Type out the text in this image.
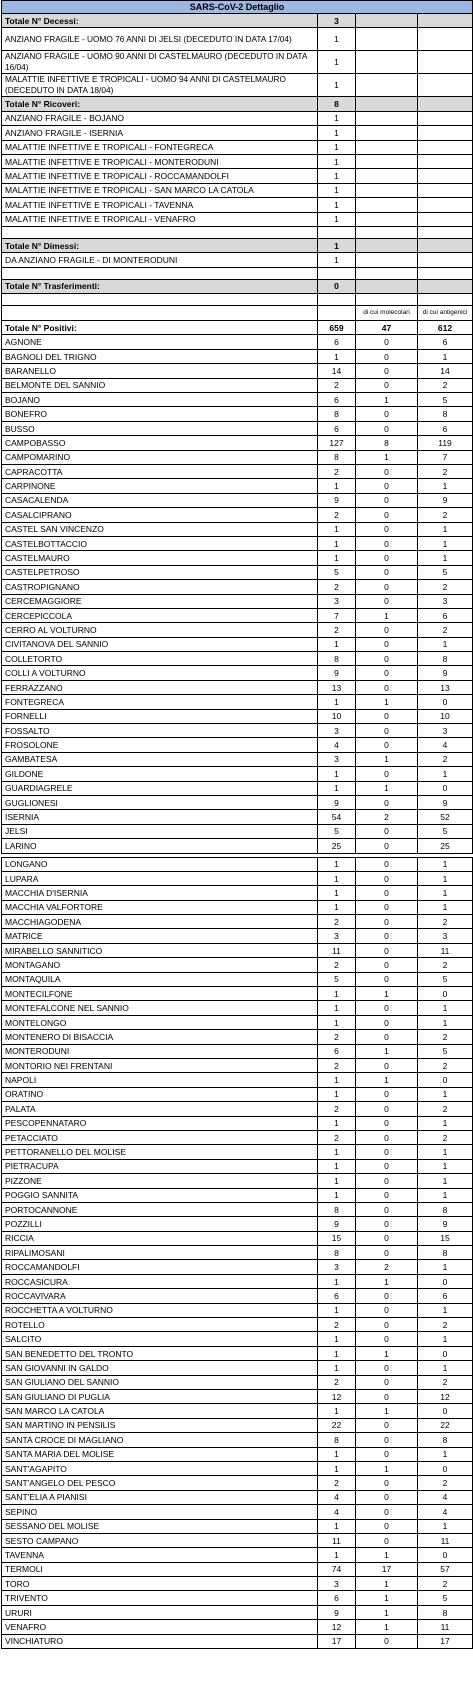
SARS-CoV-2 Dettaglio			
Totale N° Decessi:	3		
ANZIANO FRAGILE - UOMO 76 ANNI DI JELSI (DECEDUTO IN DATA 17/04)	1		
ANZIANO FRAGILE - UOMO 90 ANNI DI CASTELMAURO (DECEDUTO IN DATA 16/04)	1		
MALATTIE INFETTIVE E TROPICALI - UOMO 94 ANNI DI CASTELMAURO (DECEDUTO IN DATA 18/04)	1		
Totale N° Ricoveri:	8		
ANZIANO FRAGILE - BOJANO	1		
ANZIANO FRAGILE - ISERNIA	1		
MALATTIE INFETTIVE E TROPICALI - FONTEGRECA	1		
MALATTIE INFETTIVE E TROPICALI - MONTERODUNI	1		
MALATTIE INFETTIVE E TROPICALI - ROCCAMANDOLFI	1		
MALATTIE INFETTIVE E TROPICALI - SAN MARCO LA CATOLA	1		
MALATTIE INFETTIVE E TROPICALI - TAVENNA	1		
MALATTIE INFETTIVE E TROPICALI - VENAFRO	1		

Totale N° Dimessi:	1		
DA ANZIANO FRAGILE - DI MONTERODUNI	1		

Totale N° Trasferimenti:	0		

		di cui molecolari	di cui antigenici
Totale N° Positivi:	659	47	612
AGNONE	6	0	6
BAGNOLI DEL TRIGNO	1	0	1
BARANELLO	14	0	14
BELMONTE DEL SANNIO	2	0	2
BOJANO	6	1	5
BONEFRO	8	0	8
BUSSO	6	0	6
CAMPOBASSO	127	8	119
CAMPOMARINO	8	1	7
CAPRACOTTA	2	0	2
CARPINONE	1	0	1
CASACALENDA	9	0	9
CASALCIPRANO	2	0	2
CASTEL SAN VINCENZO	1	0	1
CASTELBOTTACCIO	1	0	1
CASTELMAURO	1	0	1
CASTELPETROSO	5	0	5
CASTROPIGNANO	2	0	2
CERCEMAGGIORE	3	0	3
CERCEPICCOLA	7	1	6
CERRO AL VOLTURNO	2	0	2
CIVITANOVA DEL SANNIO	1	0	1
COLLETORTO	8	0	8
COLLI A VOLTURNO	9	0	9
FERRAZZANO	13	0	13
FONTEGRECA	1	1	0
FORNELLI	10	0	10
FOSSALTO	3	0	3
FROSOLONE	4	0	4
GAMBATESA	3	1	2
GILDONE	1	0	1
GUARDIAGRELE	1	1	0
GUGLIONESI	9	0	9
ISERNIA	54	2	52
JELSI	5	0	5
LARINO	25	0	25
LONGANO	1	0	1
LUPARA	1	0	1
MACCHIA D'ISERNIA	1	0	1
MACCHIA VALFORTORE	1	0	1
MACCHIAGODENA	2	0	2
MATRICE	3	0	3
MIRABELLO SANNITICO	11	0	11
MONTAGANO	2	0	2
MONTAQUILA	5	0	5
MONTECILFONE	1	1	0
MONTEFALCONE NEL SANNIO	1	0	1
MONTELONGO	1	0	1
MONTENERO DI BISACCIA	2	0	2
MONTERODUNI	6	1	5
MONTORIO NEI FRENTANI	2	0	2
NAPOLI	1	1	0
ORATINO	1	0	1
PALATA	2	0	2
PESCOPENNATARO	1	0	1
PETACCIATO	2	0	2
PETTORANELLO DEL MOLISE	1	0	1
PIETRACUPA	1	0	1
PIZZONE	1	0	1
POGGIO SANNITA	1	0	1
PORTOCANNONE	8	0	8
POZZILLI	9	0	9
RICCIA	15	0	15
RIPALIMOSANI	8	0	8
ROCCAMANDOLFI	3	2	1
ROCCASICURA	1	1	0
ROCCAVIVARA	6	0	6
ROCCHETTA A VOLTURNO	1	0	1
ROTELLO	2	0	2
SALCITO	1	0	1
SAN BENEDETTO DEL TRONTO	1	1	0
SAN GIOVANNI IN GALDO	1	0	1
SAN GIULIANO DEL SANNIO	2	0	2
SAN GIULIANO DI PUGLIA	12	0	12
SAN MARCO LA CATOLA	1	1	0
SAN MARTINO IN PENSILIS	22	0	22
SANTA CROCE DI MAGLIANO	8	0	8
SANTA MARIA DEL MOLISE	1	0	1
SANT'AGAPITO	1	1	0
SANT'ANGELO DEL PESCO	2	0	2
SANT'ELIA A PIANISI	4	0	4
SEPINO	4	0	4
SESSANO DEL MOLISE	1	0	1
SESTO CAMPANO	11	0	11
TAVENNA	1	1	0
TERMOLI	74	17	57
TORO	3	1	2
TRIVENTO	6	1	5
URURI	9	1	8
VENAFRO	12	1	11
VINCHIATURO	17	0	17
